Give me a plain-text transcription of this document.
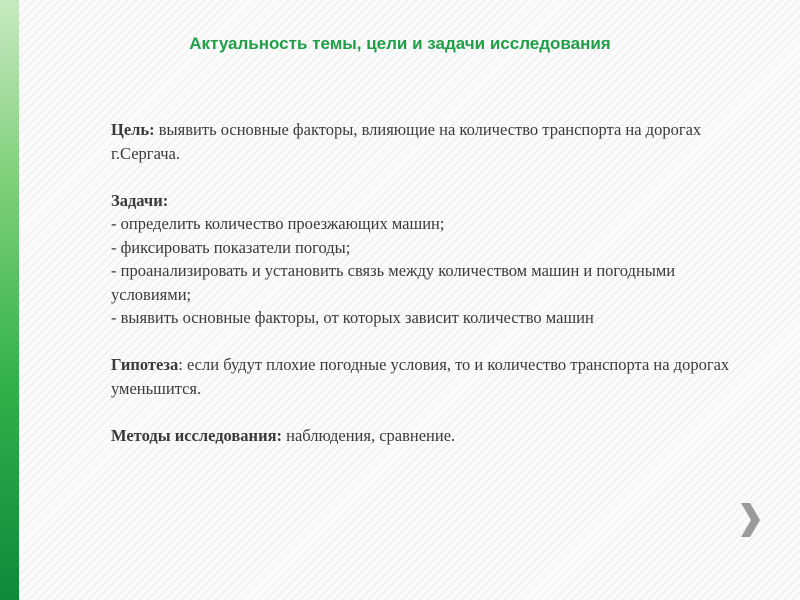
Актуальность темы, цели и задачи исследования

Цель: выявить основные факторы, влияющие на количество транспорта на дорогах г.Сергача.

Задачи:
- определить количество проезжающих машин;
- фиксировать показатели погоды;
- проанализировать и установить связь между количеством машин и погодными условиями;
- выявить основные факторы, от которых зависит количество машин

Гипотеза: если будут плохие погодные условия, то и количество транспорта на дорогах уменьшится.

Методы исследования: наблюдения, сравнение.
